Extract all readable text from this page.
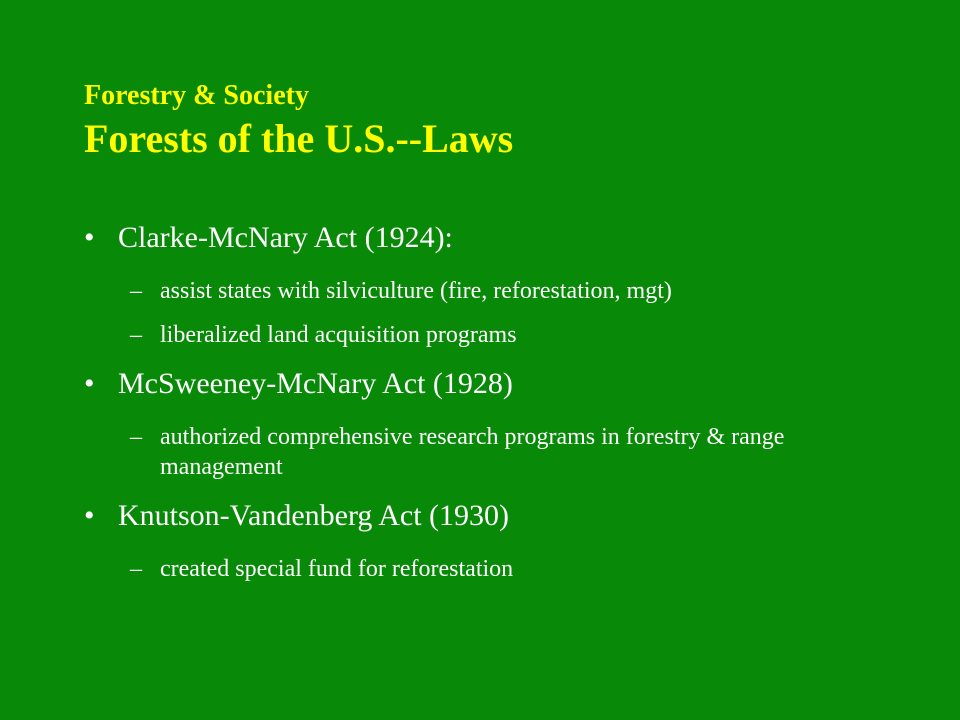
Forestry & Society
Forests of the U.S.--Laws
• Clarke-McNary Act (1924):
– assist states with silviculture (fire, reforestation, mgt)
– liberalized land acquisition programs
• McSweeney-McNary Act (1928)
– authorized comprehensive research programs in forestry & range management
• Knutson-Vandenberg Act (1930)
– created special fund for reforestation
